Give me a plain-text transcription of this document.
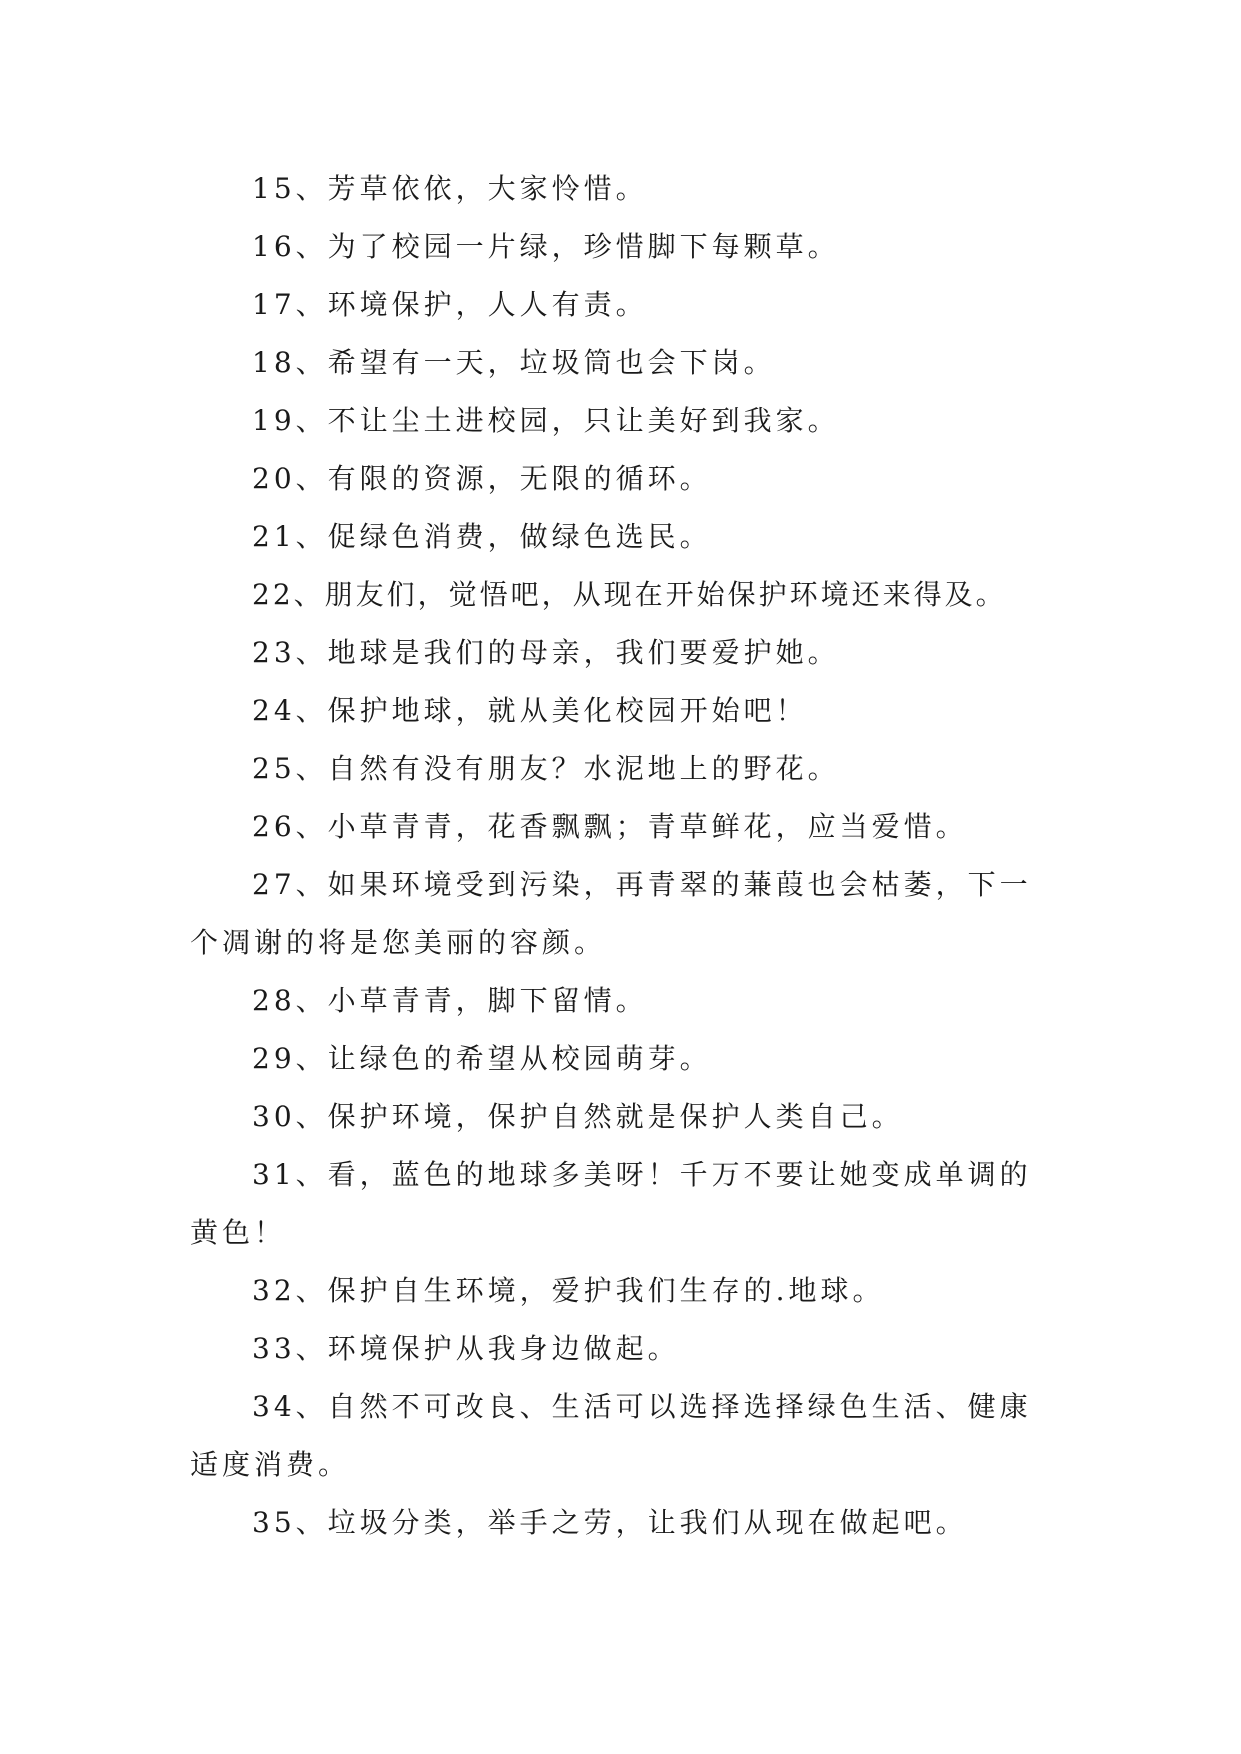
15、芳草依依，大家怜惜。

16、为了校园一片绿，珍惜脚下每颗草。

17、环境保护，人人有责。

18、希望有一天，垃圾筒也会下岗。

19、不让尘土进校园，只让美好到我家。

20、有限的资源，无限的循环。

21、促绿色消费，做绿色选民。

22、朋友们，觉悟吧，从现在开始保护环境还来得及。

23、地球是我们的母亲，我们要爱护她。

24、保护地球，就从美化校园开始吧！

25、自然有没有朋友？水泥地上的野花。

26、小草青青，花香飘飘；青草鲜花，应当爱惜。

27、如果环境受到污染，再青翠的蒹葭也会枯萎，下一个凋谢的将是您美丽的容颜。

28、小草青青，脚下留情。

29、让绿色的希望从校园萌芽。

30、保护环境，保护自然就是保护人类自己。

31、看，蓝色的地球多美呀！千万不要让她变成单调的黄色！

32、保护自生环境，爱护我们生存的.地球。

33、环境保护从我身边做起。

34、自然不可改良、生活可以选择选择绿色生活、健康适度消费。

35、垃圾分类，举手之劳，让我们从现在做起吧。
